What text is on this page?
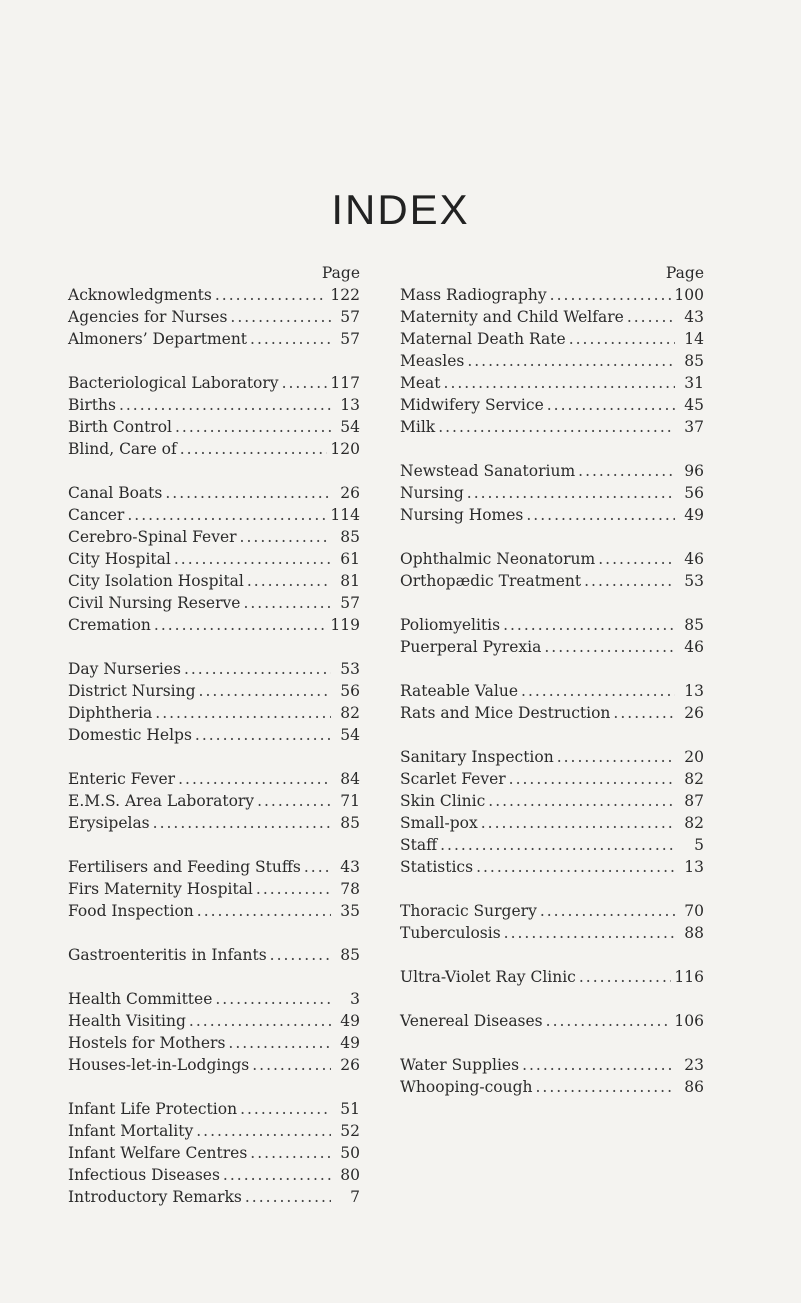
INDEX
Page
Acknowledgments .....	122
Agencies for Nurses .....	57
Almoners’ Department .....	57
Bacteriological Laboratory .....	117
Births .....	13
Birth Control .....	54
Blind, Care of .....	120
Canal Boats .....	26
Cancer .....	114
Cerebro-Spinal Fever .....	85
City Hospital .....	61
City Isolation Hospital .....	81
Civil Nursing Reserve .....	57
Cremation .....	119
Day Nurseries .....	53
District Nursing .....	56
Diphtheria .....	82
Domestic Helps .....	54
Enteric Fever .....	84
E.M.S. Area Laboratory .....	71
Erysipelas .....	85
Fertilisers and Feeding Stuffs .....	43
Firs Maternity Hospital .....	78
Food Inspection .....	35
Gastroenteritis in Infants .....	85
Health Committee .....	3
Health Visiting .....	49
Hostels for Mothers .....	49
Houses-let-in-Lodgings .....	26
Infant Life Protection .....	51
Infant Mortality .....	52
Infant Welfare Centres .....	50
Infectious Diseases .....	80
Introductory Remarks .....	7
Page
Mass Radiography .....	100
Maternity and Child Welfare .....	43
Maternal Death Rate .....	14
Measles .....	85
Meat .....	31
Midwifery Service .....	45
Milk .....	37
Newstead Sanatorium .....	96
Nursing .....	56
Nursing Homes .....	49
Ophthalmic Neonatorum .....	46
Orthopædic Treatment .....	53
Poliomyelitis .....	85
Puerperal Pyrexia .....	46
Rateable Value .....	13
Rats and Mice Destruction .....	26
Sanitary Inspection .....	20
Scarlet Fever .....	82
Skin Clinic .....	87
Small-pox .....	82
Staff .....	5
Statistics .....	13
Thoracic Surgery .....	70
Tuberculosis .....	88
Ultra-Violet Ray Clinic .....	116
Venereal Diseases .....	106
Water Supplies .....	23
Whooping-cough .....	86
